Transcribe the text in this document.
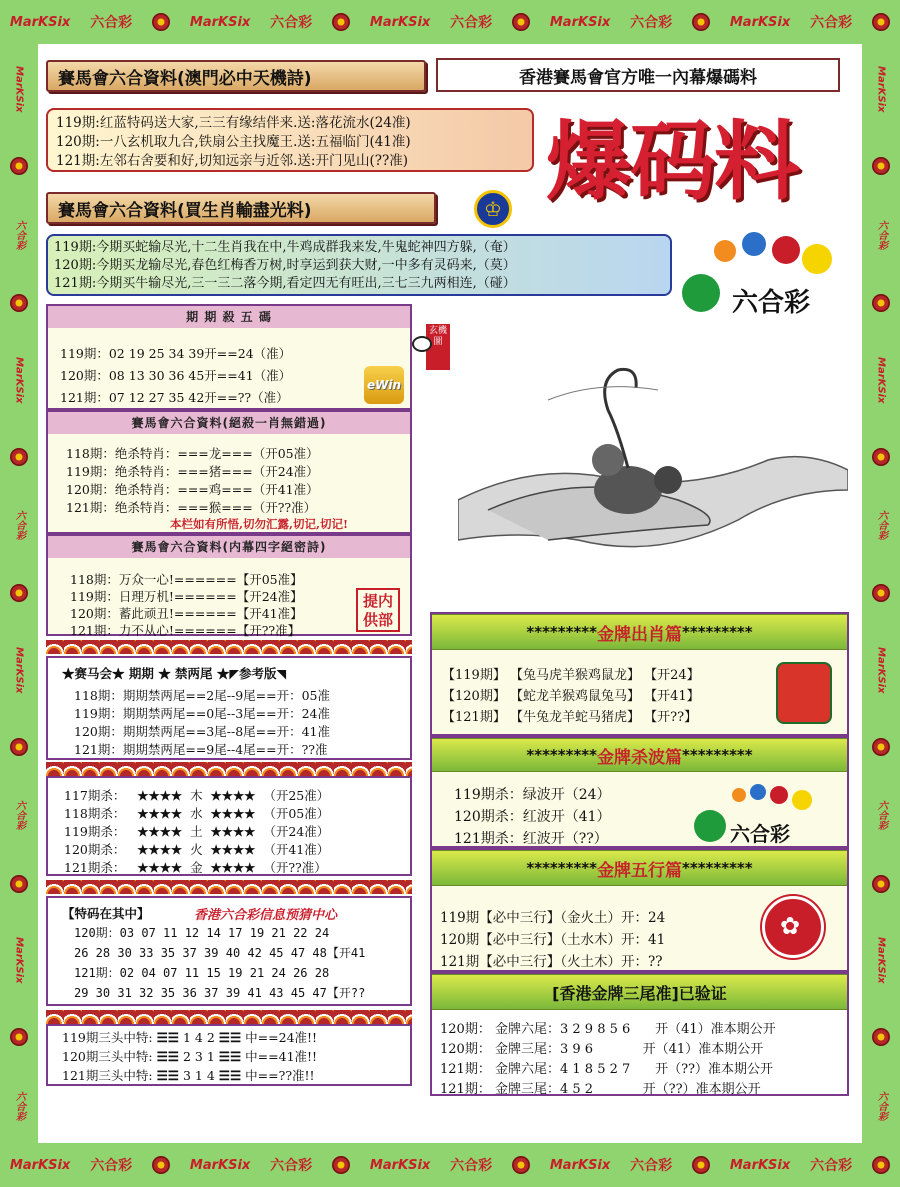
MarKSix 六合彩	MarKSix 六合彩	MarKSix 六合彩	MarKSix 六合彩	MarKSix 六合彩
MarKSix 六合彩	MarKSix 六合彩	MarKSix 六合彩	MarKSix 六合彩	MarKSix 六合彩
MarKSix
六合彩
MarKSix
六合彩
MarKSix
六合彩
MarKSix
六合彩
MarKSix
六合彩
MarKSix
六合彩
MarKSix
六合彩
MarKSix
六合彩
賽馬會六合資料(澳門必中天機詩)	香港賽馬會官方唯一內幕爆碼料
119期:红蓝特码送大家,三三有缘结伴来.送:落花流水(24准)
120期:一八玄机取九合,铁扇公主找魔王.送:五福临门(41准)
121期:左邻右舍要和好,切知远亲与近邻.送:开门见山(??准)	爆码料
賽馬會六合資料(買生肖輸盡光料)	♔
119期:今期买蛇输尽光,十二生肖我在中,牛鸡成群我来发,牛鬼蛇神四方躲,（奄）
120期:今期买龙输尽光,春色红梅香万树,时享运到获大财,一中多有灵码来,（莫）
121期:今期买牛输尽光,三一三二落今期,看定四无有旺出,三七三九两相连,（碰）
六合彩
期 期 殺 五 碼
119期：02 19 25 34 39开==24（准）
120期：08 13 30 36 45开==41（准）
121期：07 12 27 35 42开==??（准）
eWin
賽馬會六合資料(絕殺一肖無錯過)
118期：绝杀特肖：===龙===（开05准）
119期：绝杀特肖：===猪===（开24准）
120期：绝杀特肖：===鸡===（开41准）
121期：绝杀特肖：===猴===（开??准）
本栏如有所悟,切勿汇露,切记,切记!
賽馬會六合資料(内幕四字絕密詩)
118期：万众一心!======【开05准】
119期：日理万机!======【开24准】
120期：蓄此顽丑!======【开41准】
121期：力不从心!======【开??准】
提内供部
★赛马会★ 期期 ★ 禁两尾 ★◤参考版◥
118期：期期禁两尾==2尾--9尾==开：05准
119期：期期禁两尾==0尾--3尾==开：24准
120期：期期禁两尾==3尾--8尾==开：41准
121期：期期禁两尾==9尾--4尾==开：??准
117期杀： ★★★★ 木 ★★★★ （开25准）
118期杀： ★★★★ 水 ★★★★ （开05准）
119期杀： ★★★★ 土 ★★★★ （开24准）
120期杀： ★★★★ 火 ★★★★ （开41准）
121期杀： ★★★★ 金 ★★★★ （开??准）
【特码在其中】	香港六合彩信息预猜中心
120期：03 07 11 12 14 17 19 21 22 24
26 28 30 33 35 37 39 40 42 45 47 48【开41
121期：02 04 07 11 15 19 21 24 26 28
29 30 31 32 35 36 37 39 41 43 45 47【开??
119期三头中特: ☰☰ 1 4 2 ☰☰ 中==24准!!
120期三头中特: ☰☰ 2 3 1 ☰☰ 中==41准!!
121期三头中特: ☰☰ 3 1 4 ☰☰ 中==??准!!
玄機圖
********* 金牌出肖篇 *********
【119期】 【兔马虎羊猴鸡鼠龙】 【开24】
【120期】 【蛇龙羊猴鸡鼠兔马】 【开41】
【121期】 【牛兔龙羊蛇马猪虎】 【开??】
********* 金牌杀波篇 *********
119期杀：绿波开（24）
120期杀：红波开（41）
121期杀：红波开（??）	六合彩
********* 金牌五行篇 *********
119期【必中三行】（金火土）开：24
120期【必中三行】（土水木）开：41
121期【必中三行】（火土木）开：??
✿
[香港金牌三尾准]已验证
120期： 金牌六尾：3 2 9 8 5 6 开（41）准本期公开
120期： 金牌三尾：3 9 6	开（41）准本期公开
121期： 金牌六尾：4 1 8 5 2 7 开（??）准本期公开
121期： 金牌三尾：4 5 2	开（??）准本期公开
